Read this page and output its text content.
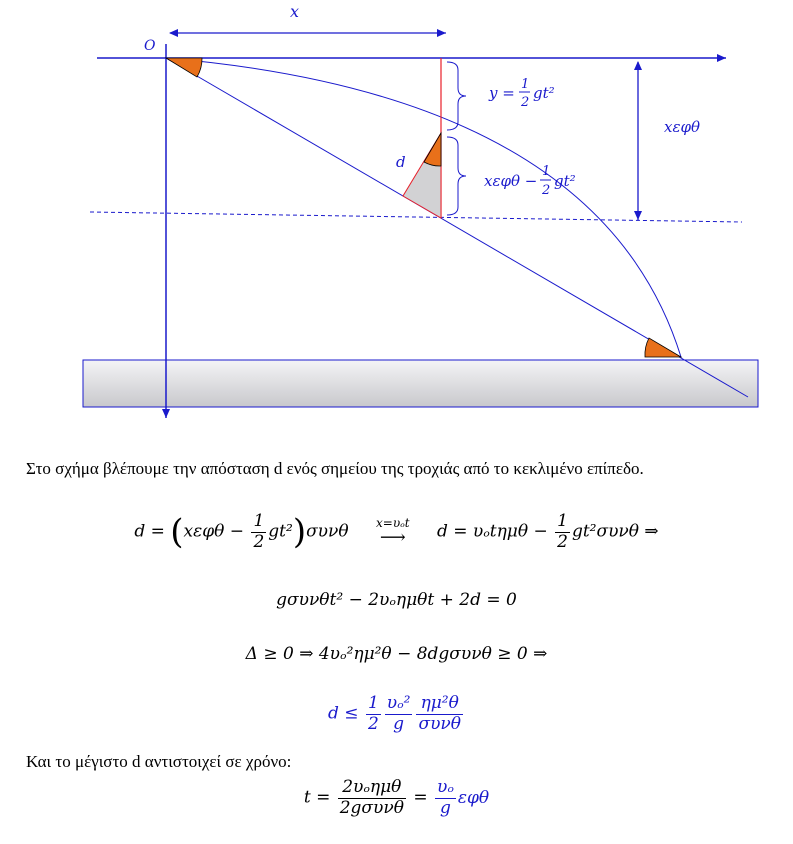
O
x
y = 1
2
gt²
d
xεφθ
xεφθ −
1
2
gt²
Στο σχήμα βλέπουμε την απόσταση d ενός σημείου της τροχιάς από το κεκλιμένο επίπεδο.
$d = (x\varepsilon\varphi\theta - \frac{1}{2} gt^2)\sigma\upsilon\nu\theta$ x=υₒt
⟶ $d = \upsilon_ot\eta\mu\theta - \frac{1}{2} gt^2\sigma\upsilon\nu\theta$ ⇒
gσυνθt² − 2υₒημθt + 2d = 0
Δ ≥ 0 ⇒ 4υₒ²ημ²θ − 8dgσυνθ ≥ 0 ⇒
$d \le \frac{1}{2} \frac{\text{υₒ²}}{g} \frac{\text{ημ²θ}}{\text{συνθ}}$
Και το μέγιστο d αντιστοιχεί σε χρόνο:
$t = \frac{\text{2υₒημθ}}{\text{2gσυνθ}} = \frac{\text{υₒ}}{g}$ εφθ
